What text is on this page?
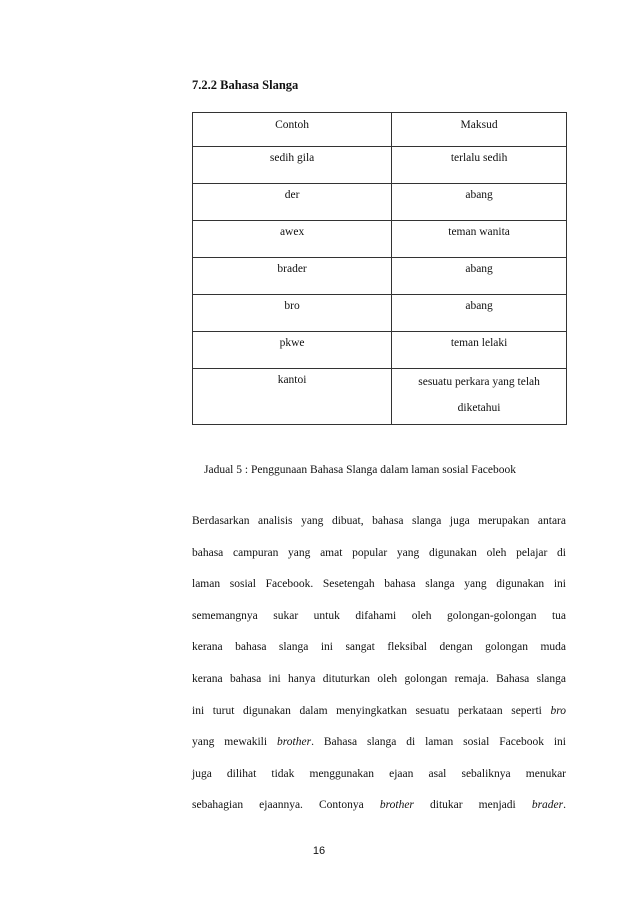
7.2.2 Bahasa Slanga
Contoh	Maksud
sedih gila	terlalu sedih
der	abang
awex	teman wanita
brader	abang
bro	abang
pkwe	teman lelaki
kantoi	sesuatu perkara yang telah diketahui
Jadual 5 : Penggunaan Bahasa Slanga dalam laman sosial Facebook

Berdasarkan analisis yang dibuat, bahasa slanga juga merupakan antara

bahasa campuran yang amat popular yang digunakan oleh pelajar di

laman sosial Facebook. Sesetengah bahasa slanga yang digunakan ini

sememangnya sukar untuk difahami oleh golongan-golongan tua

kerana bahasa slanga ini sangat fleksibal dengan golongan muda

kerana bahasa ini hanya dituturkan oleh golongan remaja. Bahasa slanga

ini turut digunakan dalam menyingkatkan sesuatu perkataan seperti bro

yang mewakili brother. Bahasa slanga di laman sosial Facebook ini

juga dilihat tidak menggunakan ejaan asal sebaliknya menukar

sebahagian ejaannya. Contonya brother ditukar menjadi brader.

16
